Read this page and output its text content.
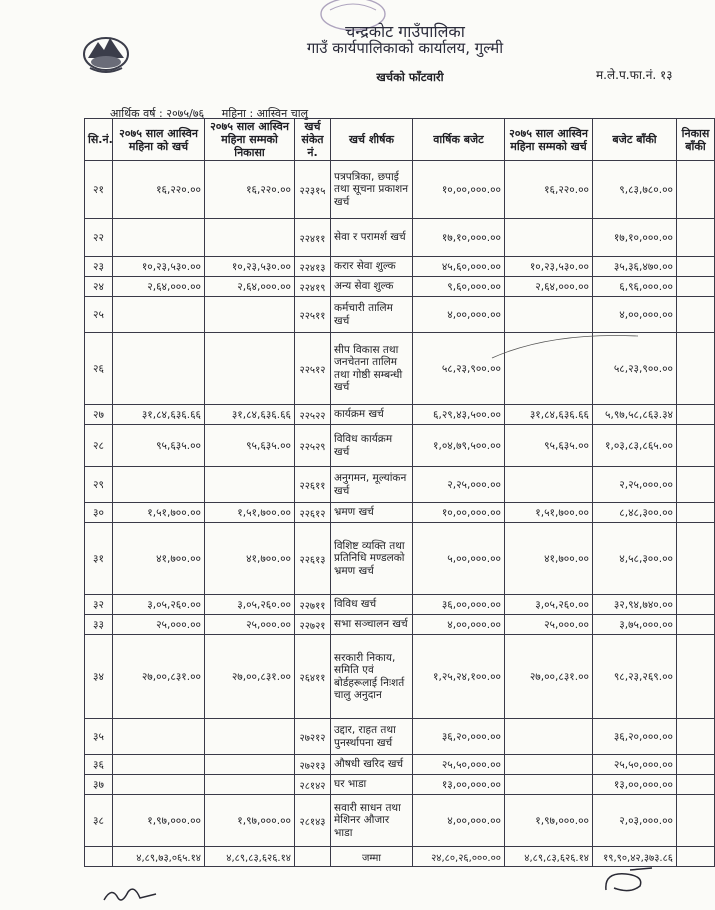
चन्द्रकोट गाउँपालिका
गाउँ कार्यपालिकाको कार्यालय, गुल्मी
खर्चको फाँटवारी	म.ले.प.फा.नं. १३
आर्थिक वर्ष : २०७५/७६ महिना : आस्विन चालु
सि.नं.	२०७५ साल आस्विन महिना को खर्च	२०७५ साल आस्विन महिना सम्मको निकासा	खर्च संकेत नं.	खर्च शीर्षक	वार्षिक बजेट	२०७५ साल आस्विन महिना सम्मको खर्च	बजेट बाँकी	निकास बाँकी
२१	१६,२२०.००	१६,२२०.००	२२३१५	पत्रपत्रिका, छपाई तथा सूचना प्रकाशन खर्च	१०,००,०००.००	१६,२२०.००	९,८३,७८०.००	
२२			२२४११	सेवा र परामर्श खर्च	१७,१०,०००.००		१७,१०,०००.००	
२३	१०,२३,५३०.००	१०,२३,५३०.००	२२४१३	करार सेवा शुल्क	४५,६०,०००.००	१०,२३,५३०.००	३५,३६,४७०.००	
२४	२,६४,०००.००	२,६४,०००.००	२२४१९	अन्य सेवा शुल्क	९,६०,०००.००	२,६४,०००.००	६,९६,०००.००	
२५			२२५११	कर्मचारी तालिम खर्च	४,००,०००.००		४,००,०००.००	
२६			२२५१२	सीप विकास तथा जनचेतना तालिम तथा गोष्ठी सम्बन्धी खर्च	५८,२३,९००.००		५८,२३,९००.००	
२७	३१,८४,६३६.६६	३१,८४,६३६.६६	२२५२२	कार्यक्रम खर्च	६,२९,४३,५००.००	३१,८४,६३६.६६	५,९७,५८,८६३.३४	
२८	९५,६३५.००	९५,६३५.००	२२५२९	विविध कार्यक्रम खर्च	१,०४,७९,५००.००	९५,६३५.००	१,०३,८३,८६५.००	
२९			२२६११	अनुगमन, मूल्यांकन खर्च	२,२५,०००.००		२,२५,०००.००	
३०	१,५१,७००.००	१,५१,७००.००	२२६१२	भ्रमण खर्च	१०,००,०००.००	१,५१,७००.००	८,४८,३००.००	
३१	४१,७००.००	४१,७००.००	२२६१३	विशिष्ट व्यक्ति तथा प्रतिनिधि मण्डलको भ्रमण खर्च	५,००,०००.००	४१,७००.००	४,५८,३००.००	
३२	३,०५,२६०.००	३,०५,२६०.००	२२७११	विविध खर्च	३६,००,०००.००	३,०५,२६०.००	३२,९४,७४०.००	
३३	२५,०००.००	२५,०००.००	२२७२१	सभा सञ्चालन खर्च	४,००,०००.००	२५,०००.००	३,७५,०००.००	
३४	२७,००,८३१.००	२७,००,८३१.००	२६४११	सरकारी निकाय, समिति एवं बोर्डहरूलाई निःशर्त चालु अनुदान	१,२५,२४,१००.००	२७,००,८३१.००	९८,२३,२६९.००	
३५			२७२१२	उद्दार, राहत तथा पुनर्स्थापना खर्च	३६,२०,०००.००		३६,२०,०००.००	
३६			२७२१३	औषधी खरिद खर्च	२५,५०,०००.००		२५,५०,०००.००	
३७			२८१४२	घर भाडा	१३,००,०००.००		१३,००,०००.००	
३८	१,९७,०००.००	१,९७,०००.००	२८१४३	सवारी साधन तथा मेशिनर औजार भाडा	४,००,०००.००	१,९७,०००.००	२,०३,०००.००	
	४,८९,७३,०६५.१४	४,८९,८३,६२६.१४		जम्मा	२४,८०,२६,०००.००	४,८९,८३,६२६.१४	१९,९०,४२,३७३.८६	
